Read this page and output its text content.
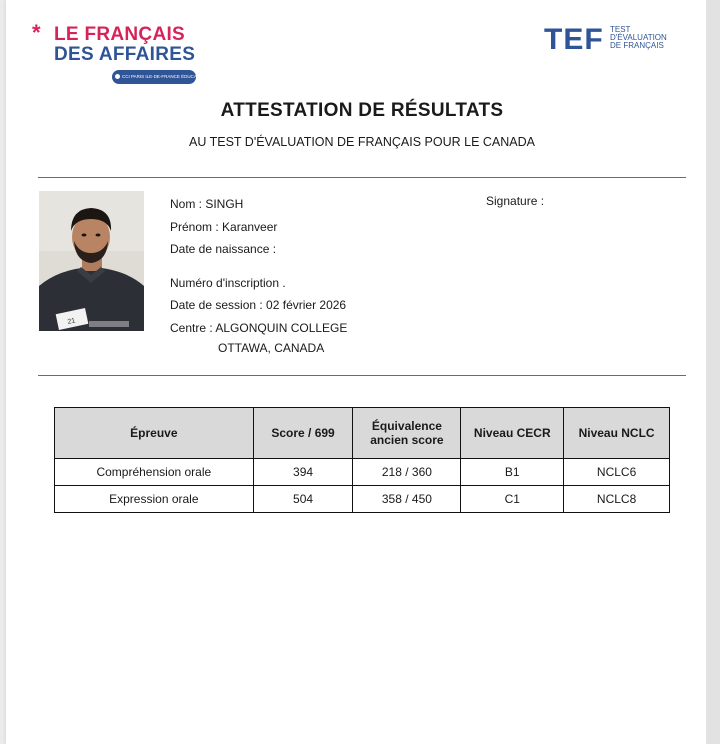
* LE FRANÇAIS
DES AFFAIRES
CCI PARIS ILE-DE-FRANCE ÉDUCATION
TEF TEST
D'ÉVALUATION
DE FRANÇAIS
ATTESTATION DE RÉSULTATS
AU TEST D'ÉVALUATION DE FRANÇAIS POUR LE CANADA
21
Nom : SINGH
Prénom : Karanveer
Date de naissance :
Numéro d'inscription .
Date de session : 02 février 2026
Centre : ALGONQUIN COLLEGE
OTTAWA, CANADA
Signature :
Épreuve	Score / 699	Équivalence ancien score	Niveau CECR	Niveau NCLC
Compréhension orale	394	218 / 360	B1	NCLC6
Expression orale	504	358 / 450	C1	NCLC8
